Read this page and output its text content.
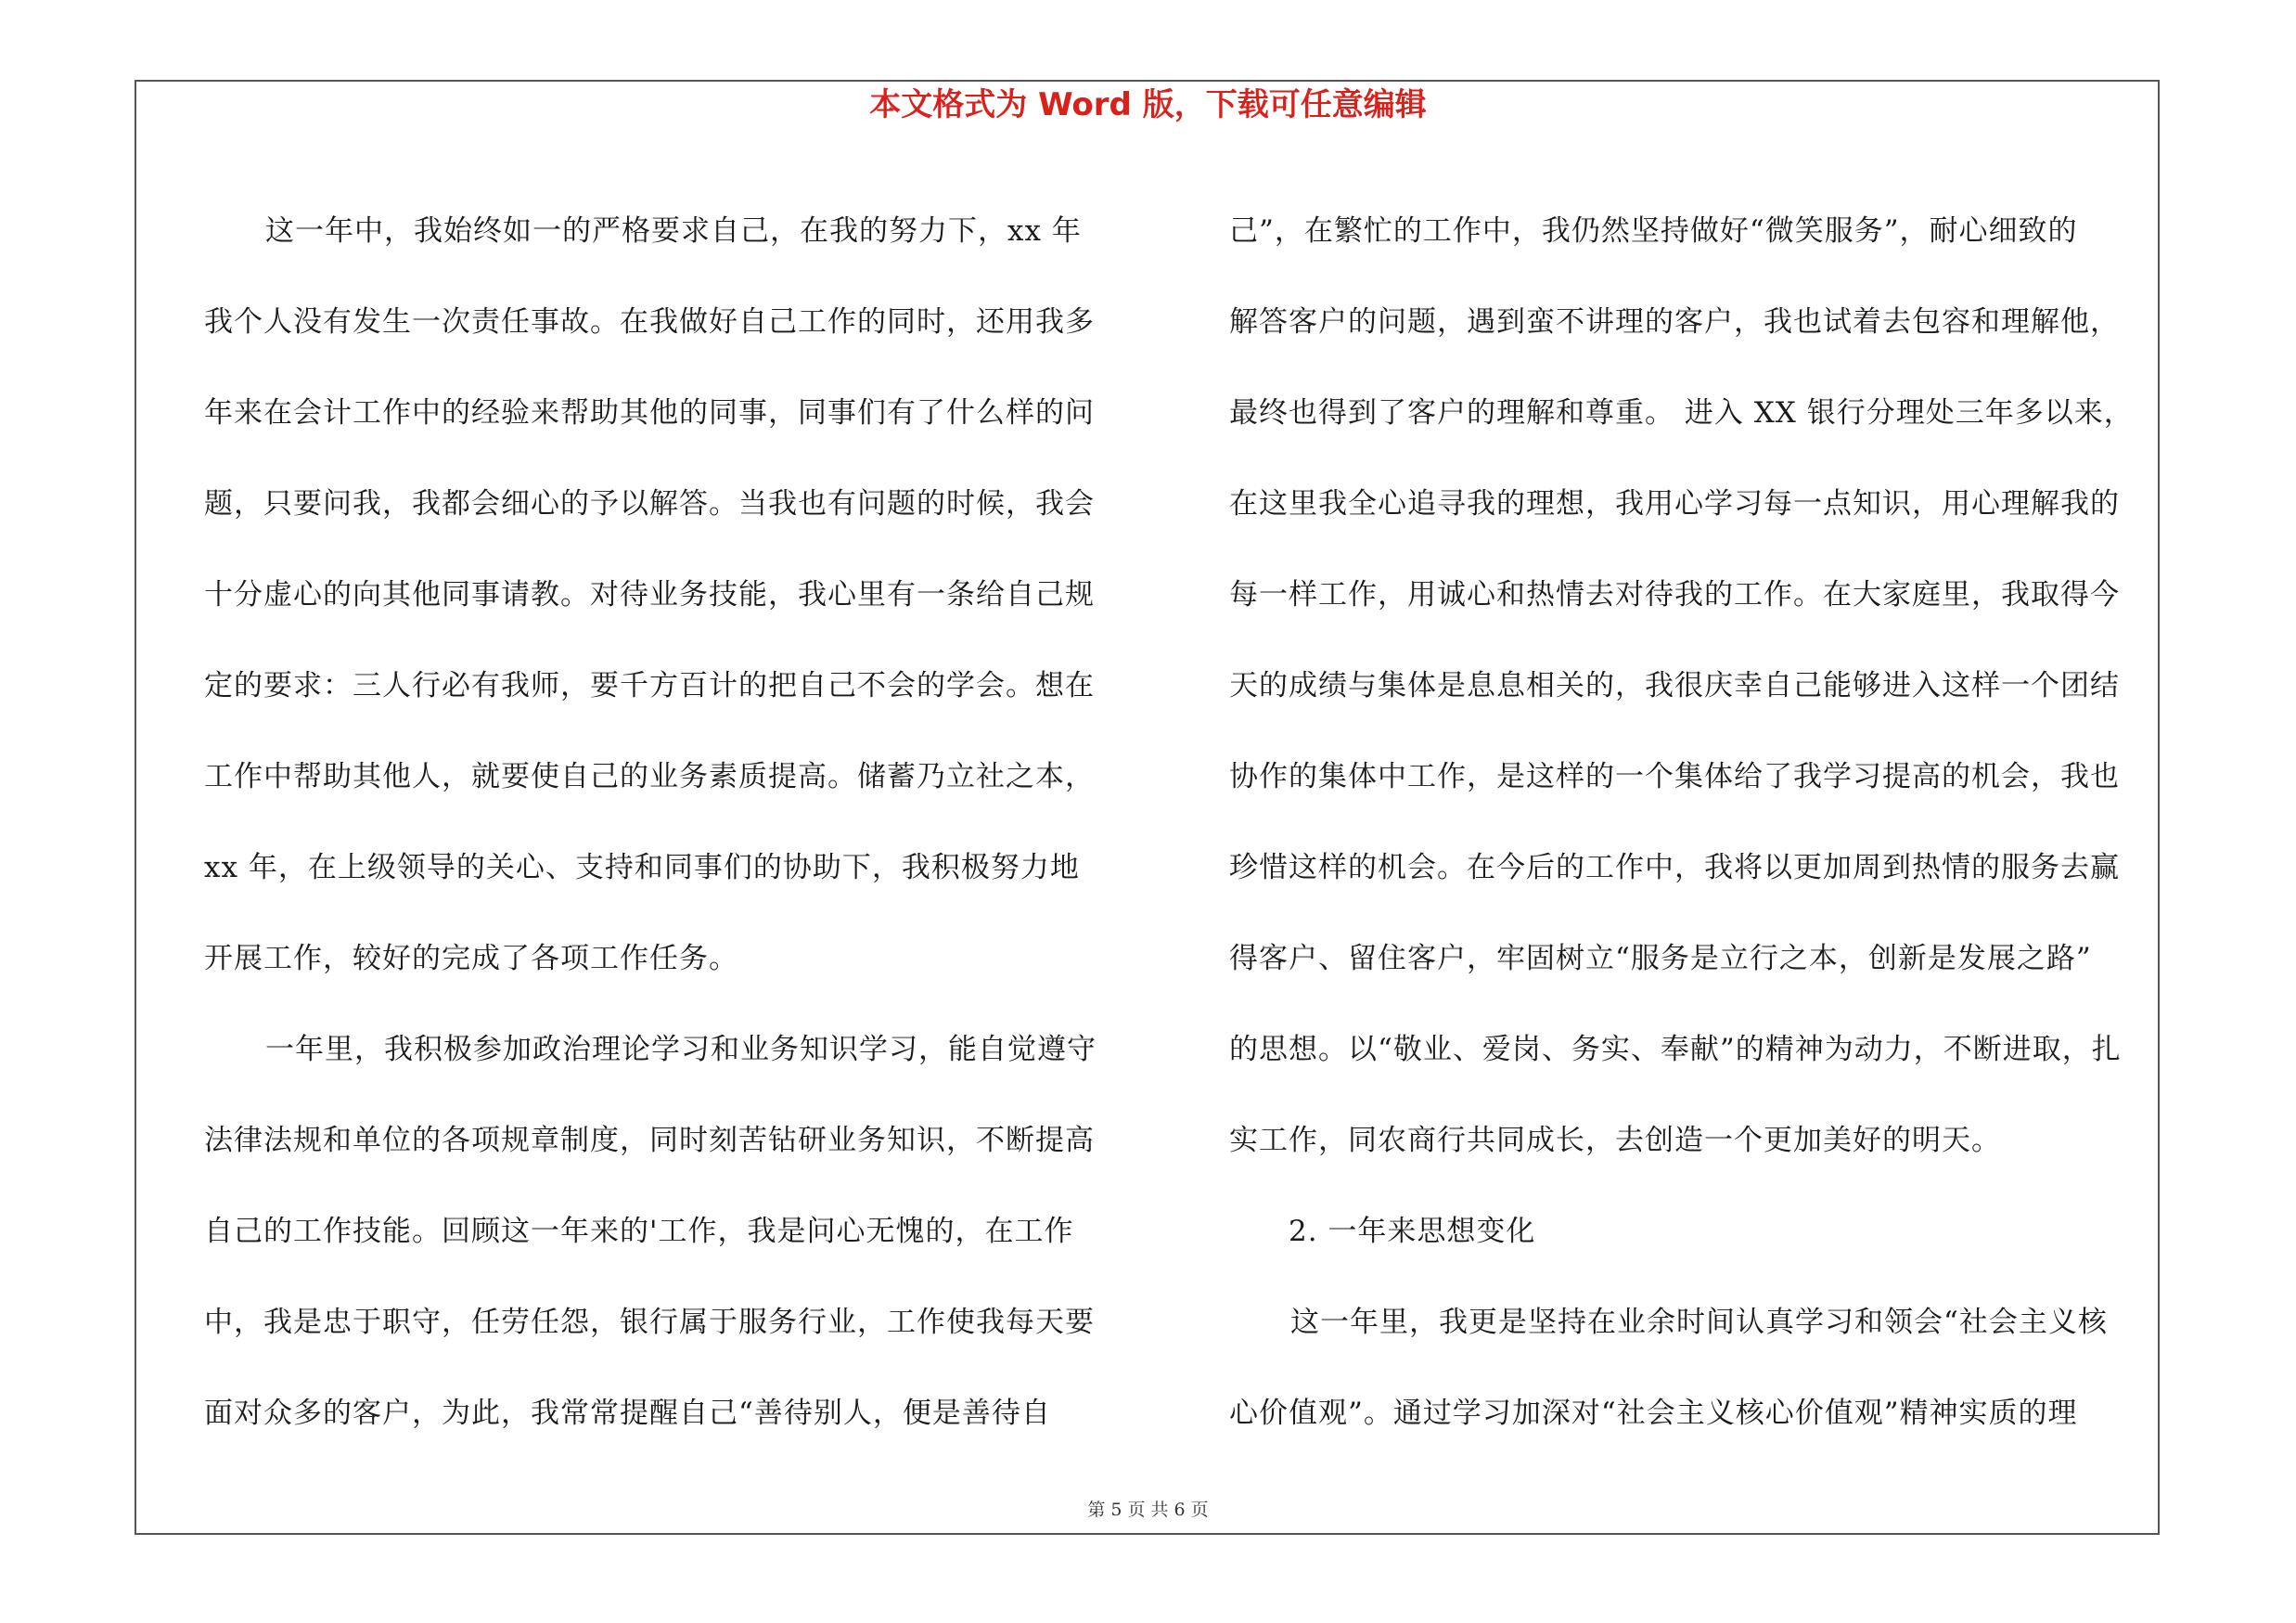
本文格式为 Word 版，下载可任意编辑
这一年中，我始终如一的严格要求自己，在我的努力下，xx 年
我个人没有发生一次责任事故。在我做好自己工作的同时，还用我多
年来在会计工作中的经验来帮助其他的同事，同事们有了什么样的问
题，只要问我，我都会细心的予以解答。当我也有问题的时候，我会
十分虚心的向其他同事请教。对待业务技能，我心里有一条给自己规
定的要求：三人行必有我师，要千方百计的把自己不会的学会。想在
工作中帮助其他人，就要使自己的业务素质提高。储蓄乃立社之本，
xx 年，在上级领导的关心、支持和同事们的协助下，我积极努力地
开展工作，较好的完成了各项工作任务。
一年里，我积极参加政治理论学习和业务知识学习，能自觉遵守
法律法规和单位的各项规章制度，同时刻苦钻研业务知识，不断提高
自己的工作技能。回顾这一年来的'工作，我是问心无愧的，在工作
中，我是忠于职守，任劳任怨，银行属于服务行业，工作使我每天要
面对众多的客户，为此，我常常提醒自己“善待别人，便是善待自
己”，在繁忙的工作中，我仍然坚持做好“微笑服务”，耐心细致的
解答客户的问题，遇到蛮不讲理的客户，我也试着去包容和理解他，
最终也得到了客户的理解和尊重。 进入 XX 银行分理处三年多以来，
在这里我全心追寻我的理想，我用心学习每一点知识，用心理解我的
每一样工作，用诚心和热情去对待我的工作。在大家庭里，我取得今
天的成绩与集体是息息相关的，我很庆幸自己能够进入这样一个团结
协作的集体中工作，是这样的一个集体给了我学习提高的机会，我也
珍惜这样的机会。在今后的工作中，我将以更加周到热情的服务去赢
得客户、留住客户，牢固树立“服务是立行之本，创新是发展之路”
的思想。以“敬业、爱岗、务实、奉献”的精神为动力，不断进取，扎
实工作，同农商行共同成长，去创造一个更加美好的明天。
2. 一年来思想变化
这一年里，我更是坚持在业余时间认真学习和领会“社会主义核
心价值观”。通过学习加深对“社会主义核心价值观”精神实质的理
第 5 页 共 6 页
